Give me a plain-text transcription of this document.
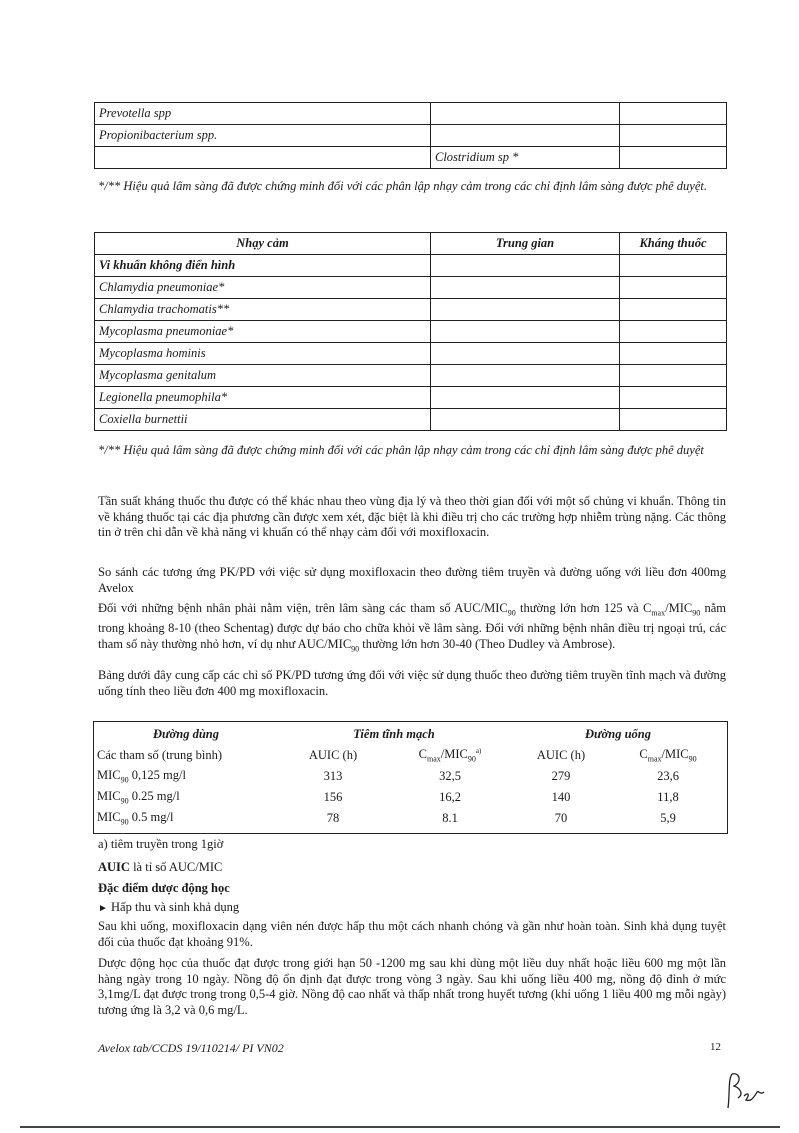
Prevotella spp		
Propionibacterium spp.		
	Clostridium sp *	
*/** Hiệu quả lâm sàng đã được chứng minh đối với các phân lập nhạy cảm trong các chỉ định lâm sàng được phê duyệt.
Nhạy cảm	Trung gian	Kháng thuốc
Vi khuẩn không điển hình		
Chlamydia pneumoniae*		
Chlamydia trachomatis**		
Mycoplasma pneumoniae*		
Mycoplasma hominis		
Mycoplasma genitalum		
Legionella pneumophila*		
Coxiella burnettii		
*/** Hiệu quả lâm sàng đã được chứng minh đối với các phân lập nhạy cảm trong các chỉ định lâm sàng được phê duyệt
Tần suất kháng thuốc thu được có thể khác nhau theo vùng địa lý và theo thời gian đối với một số chủng vi khuẩn. Thông tin về kháng thuốc tại các địa phương cần được xem xét, đặc biệt là khi điều trị cho các trường hợp nhiễm trùng nặng. Các thông tin ở trên chỉ dẫn về khả năng vi khuẩn có thể nhạy cảm đối với moxifloxacin.
So sánh các tương ứng PK/PD với việc sử dụng moxifloxacin theo đường tiêm truyền và đường uống với liều đơn 400mg Avelox
Đối với những bệnh nhân phải nằm viện, trên lâm sàng các tham số AUC/$MIC_{90}$ thường lớn hơn 125 và $C_{max}/MIC_{90}$ nằm trong khoảng 8-10 (theo Schentag) được dự báo cho chữa khỏi về lâm sàng. Đối với những bệnh nhân điều trị ngoại trú, các tham số này thường nhỏ hơn, ví dụ như AUC/$MIC_{90}$ thường lớn hơn 30-40 (Theo Dudley và Ambrose).
Bảng dưới đây cung cấp các chỉ số PK/PD tương ứng đối với việc sử dụng thuốc theo đường tiêm truyền tĩnh mạch và đường uống tính theo liều đơn 400 mg moxifloxacin.
Đường dùng	Tiêm tĩnh mạch		Đường uống	
Các tham số (trung bình)	AUIC (h)	$C_{max}/MIC_{90}^{a)}$	AUIC (h)	$C_{max}/MIC_{90}$
$MIC_{90}$ 0,125 mg/l	313	32,5	279	23,6
$MIC_{90}$ 0.25 mg/l	156	16,2	140	11,8
$MIC_{90}$ 0.5 mg/l	78	8.1	70	5,9
a) tiêm truyền trong 1giờ
AUIC là tỉ số AUC/MIC
Đặc điểm dược động học
► Hấp thu và sinh khả dụng
Sau khi uống, moxifloxacin dạng viên nén được hấp thu một cách nhanh chóng và gần như hoàn toàn. Sinh khả dụng tuyệt đối của thuốc đạt khoảng 91%.
Dược động học của thuốc đạt được trong giới hạn 50 -1200 mg sau khi dùng một liều duy nhất hoặc liều 600 mg một lần hàng ngày trong 10 ngày. Nồng độ ổn định đạt được trong vòng 3 ngày. Sau khi uống liều 400 mg, nồng độ đỉnh ở mức 3,1mg/L đạt được trong trong 0,5-4 giờ. Nồng độ cao nhất và thấp nhất trong huyết tương (khi uống 1 liều 400 mg mỗi ngày) tương ứng là 3,2 và 0,6 mg/L.
Avelox tab/CCDS 19/110214/ PI VN02	12
